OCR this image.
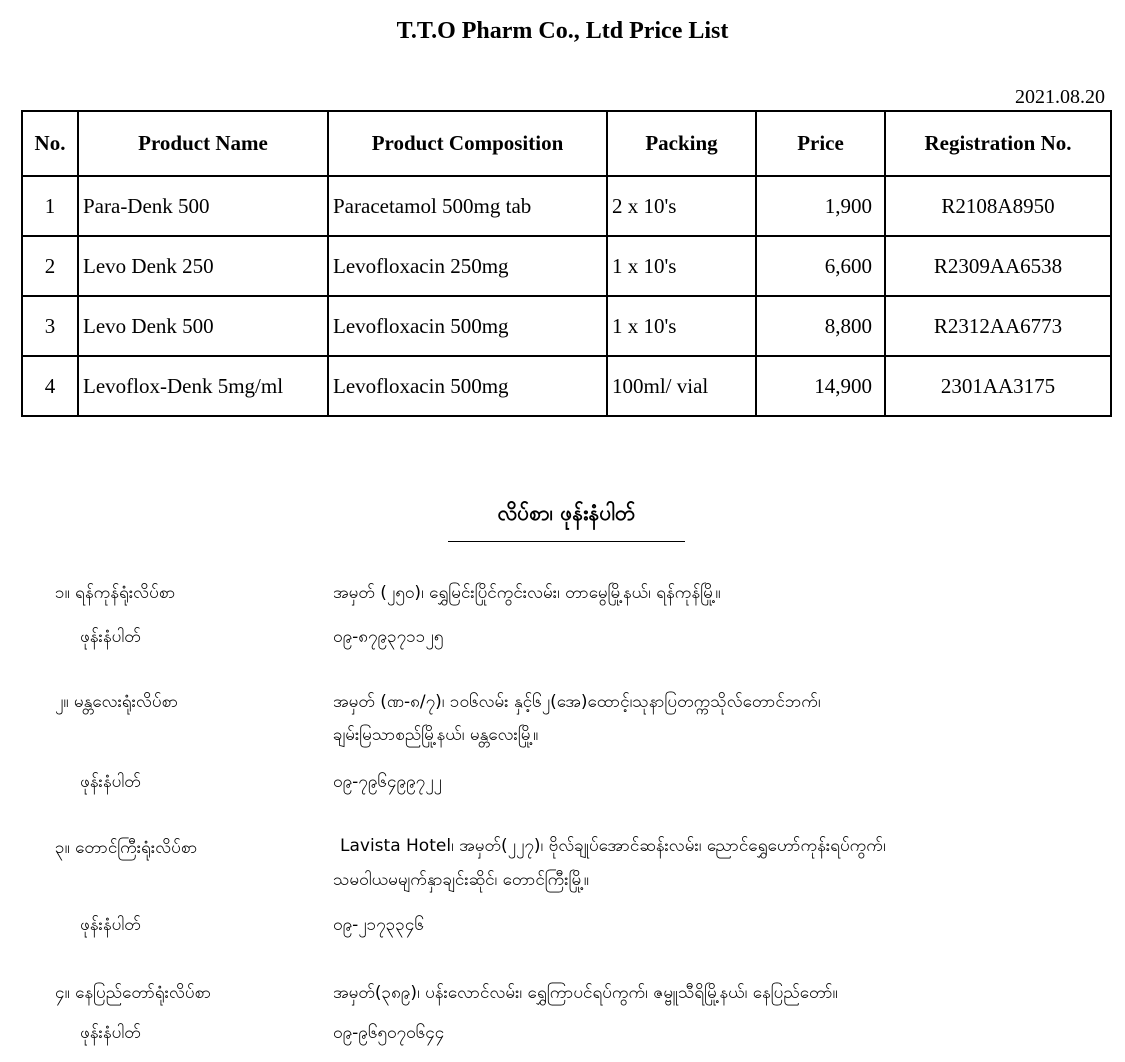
T.T.O Pharm Co., Ltd Price List
2021.08.20
No.	Product Name	Product Composition	Packing	Price	Registration No.
1	Para-Denk 500	Paracetamol 500mg tab	2 x 10's	1,900	R2108A8950
2	Levo Denk 250	Levofloxacin 250mg	1 x 10's	6,600	R2309AA6538
3	Levo Denk 500	Levofloxacin 500mg	1 x 10's	8,800	R2312AA6773
4	Levoflox-Denk 5mg/ml	Levofloxacin 500mg	100ml/ vial	14,900	2301AA3175
လိပ်စာ၊ ဖုန်းနံပါတ်
၁။ ရန်ကုန်ရုံးလိပ်စာ	အမှတ် (၂၅၀)၊ ရွှေမြင်းပြိုင်ကွင်းလမ်း၊ တာမွေမြို့နယ်၊ ရန်ကုန်မြို့။
ဖုန်းနံပါတ်	၀၉-၈၇၉၃၇၁၁၂၅
၂။ မန္တလေးရုံးလိပ်စာ	အမှတ် (ဏ-၈/၇)၊ ၁၀၆လမ်း နှင့်၆၂(အေ)ထောင့်၊သုနာပြတက္ကသိုလ်တောင်ဘက်၊
ချမ်းမြသာစည်မြို့နယ်၊ မန္တလေးမြို့။
ဖုန်းနံပါတ်	၀၉-၇၉၆၄၉၉၇၂၂
၃။ တောင်ကြီးရုံးလိပ်စာ	Lavista Hotel၊ အမှတ်(၂၂၇)၊ ဗိုလ်ချုပ်အောင်ဆန်းလမ်း၊ ညောင်ရွှေဟော်ကုန်းရပ်ကွက်၊
သမဝါယမမျက်နှာချင်းဆိုင်၊ တောင်ကြီးမြို့။
ဖုန်းနံပါတ်	၀၉-၂၁၇၃၃၄၆
၄။ နေပြည်တော်ရုံးလိပ်စာ	အမှတ်(၃၈၉)၊ ပန်းလောင်လမ်း၊ ရွှေကြာပင်ရပ်ကွက်၊ ဇမ္ဗူသီရိမြို့နယ်၊ နေပြည်တော်။
ဖုန်းနံပါတ်	၀၉-၉၆၅၀၇၀၆၄၄
